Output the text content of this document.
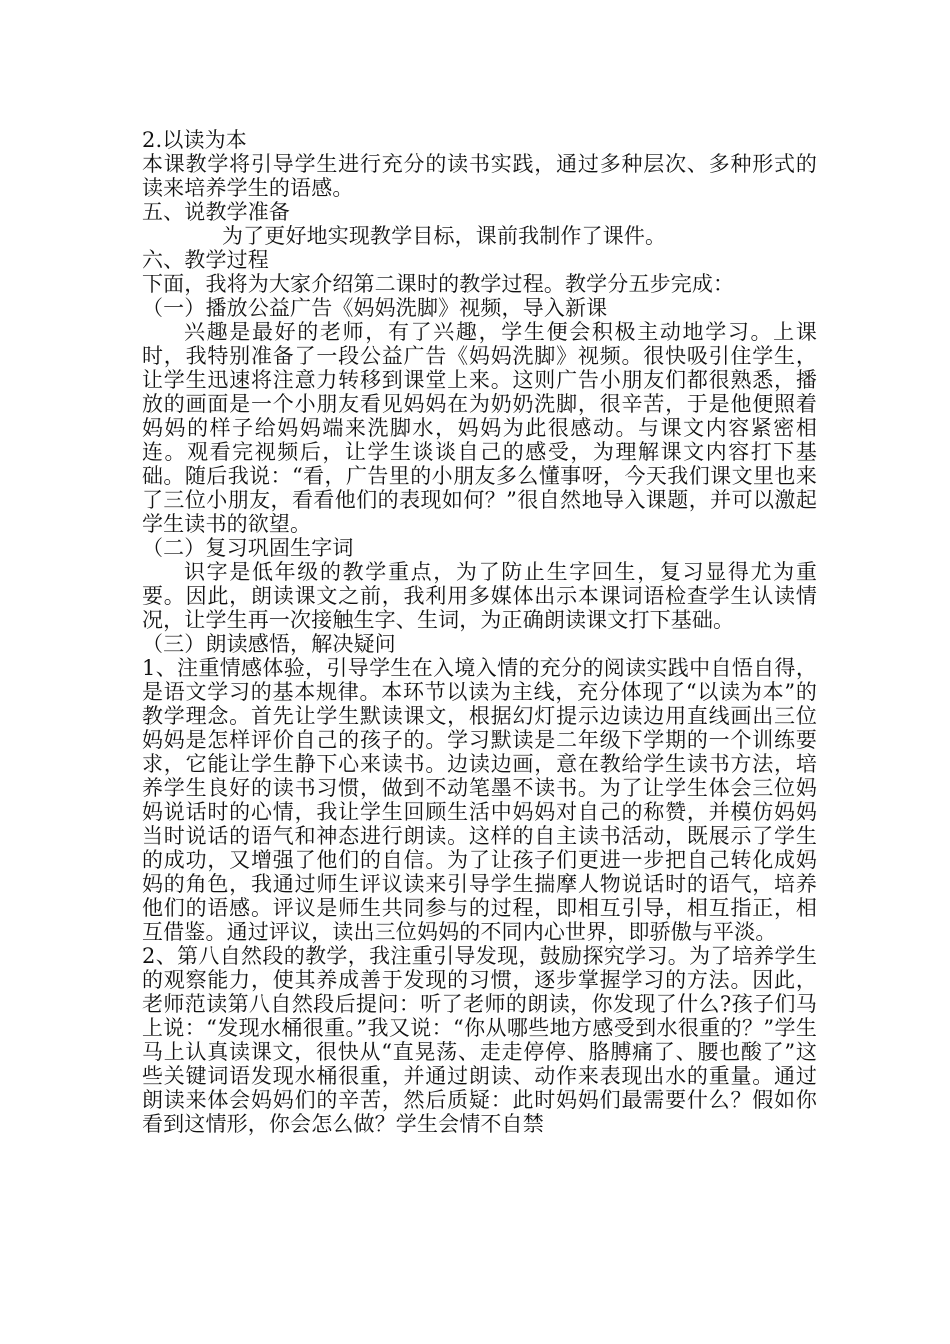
2.以读为本

本课教学将引导学生进行充分的读书实践，通过多种层次、多种形式的读来培养学生的语感。

五、说教学准备

为了更好地实现教学目标，课前我制作了课件。

六、教学过程

下面，我将为大家介绍第二课时的教学过程。教学分五步完成：

（一）播放公益广告《妈妈洗脚》视频，导入新课

兴趣是最好的老师，有了兴趣，学生便会积极主动地学习。上课时，我特别准备了一段公益广告《妈妈洗脚》视频。很快吸引住学生，让学生迅速将注意力转移到课堂上来。这则广告小朋友们都很熟悉，播放的画面是一个小朋友看见妈妈在为奶奶洗脚，很辛苦，于是他便照着妈妈的样子给妈妈端来洗脚水，妈妈为此很感动。与课文内容紧密相连。观看完视频后，让学生谈谈自己的感受，为理解课文内容打下基础。随后我说：“看，广告里的小朋友多么懂事呀，今天我们课文里也来了三位小朋友，看看他们的表现如何？”很自然地导入课题，并可以激起学生读书的欲望。

（二）复习巩固生字词

识字是低年级的教学重点，为了防止生字回生，复习显得尤为重要。因此，朗读课文之前，我利用多媒体出示本课词语检查学生认读情况，让学生再一次接触生字、生词，为正确朗读课文打下基础。

（三）朗读感悟，解决疑问

1、注重情感体验，引导学生在入境入情的充分的阅读实践中自悟自得，是语文学习的基本规律。本环节以读为主线，充分体现了“以读为本”的教学理念。首先让学生默读课文，根据幻灯提示边读边用直线画出三位妈妈是怎样评价自己的孩子的。学习默读是二年级下学期的一个训练要求，它能让学生静下心来读书。边读边画，意在教给学生读书方法，培养学生良好的读书习惯，做到不动笔墨不读书。为了让学生体会三位妈妈说话时的心情，我让学生回顾生活中妈妈对自己的称赞，并模仿妈妈当时说话的语气和神态进行朗读。这样的自主读书活动，既展示了学生的成功，又增强了他们的自信。为了让孩子们更进一步把自己转化成妈妈的角色，我通过师生评议读来引导学生揣摩人物说话时的语气，培养他们的语感。评议是师生共同参与的过程，即相互引导，相互指正，相互借鉴。通过评议，读出三位妈妈的不同内心世界，即骄傲与平淡。

2、第八自然段的教学，我注重引导发现，鼓励探究学习。为了培养学生的观察能力，使其养成善于发现的习惯，逐步掌握学习的方法。因此，老师范读第八自然段后提问：听了老师的朗读，你发现了什么?孩子们马上说：“发现水桶很重。”我又说：“你从哪些地方感受到水很重的？”学生马上认真读课文，很快从“直晃荡、走走停停、胳膊痛了、腰也酸了”这些关键词语发现水桶很重，并通过朗读、动作来表现出水的重量。通过朗读来体会妈妈们的辛苦，然后质疑：此时妈妈们最需要什么？假如你看到这情形，你会怎么做？学生会情不自禁
